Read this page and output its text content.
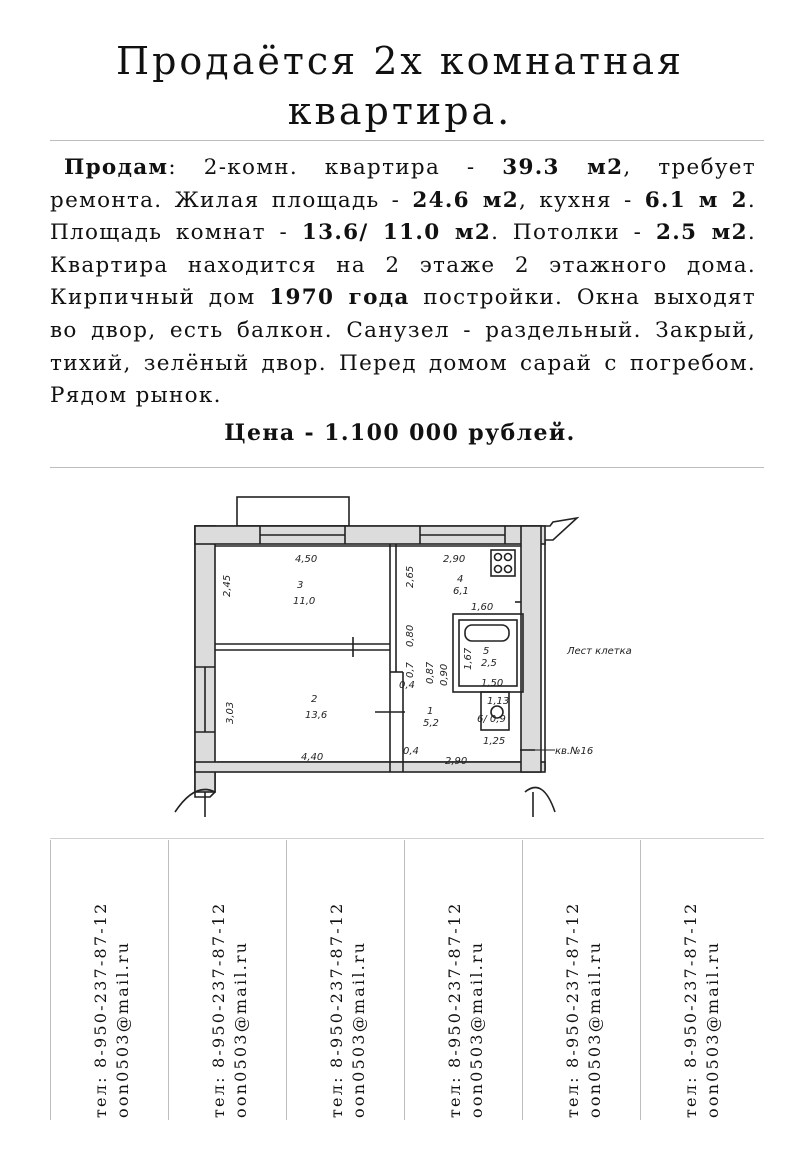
Продаётся 2х комнатная
квартира.

Продам: 2-комн. квартира - 39.3 м2, требует ремонта. Жилая площадь - 24.6 м2, кухня - 6.1 м 2. Площадь комнат - 13.6/ 11.0 м2. Потолки - 2.5 м2. Квартира находится на 2 этаже 2 этажного дома. Кирпичный дом 1970 года постройки. Окна выходят во двор, есть балкон. Санузел - раздельный. Закрый, тихий, зелёный двор. Перед домом сарай с погребом. Рядом рынок.

Цена - 1.100 000 рублей.
4,50
3
11,0
2,45	2,65
2,90
4
6,1
1,60
0,80
5
2,5
1,67
1,50
0,87 0,90
0,7
0,4
3,03
2
13,6
4,40
1
5,2
1,13
6/ 0,9
1,25
0,4
2,90
Лест клетка
кв.№16
тел: 8-950-237-87-12 oon0503@mail.ru	тел: 8-950-237-87-12 oon0503@mail.ru	тел: 8-950-237-87-12 oon0503@mail.ru	тел: 8-950-237-87-12 oon0503@mail.ru	тел: 8-950-237-87-12 oon0503@mail.ru	тел: 8-950-237-87-12 oon0503@mail.ru
